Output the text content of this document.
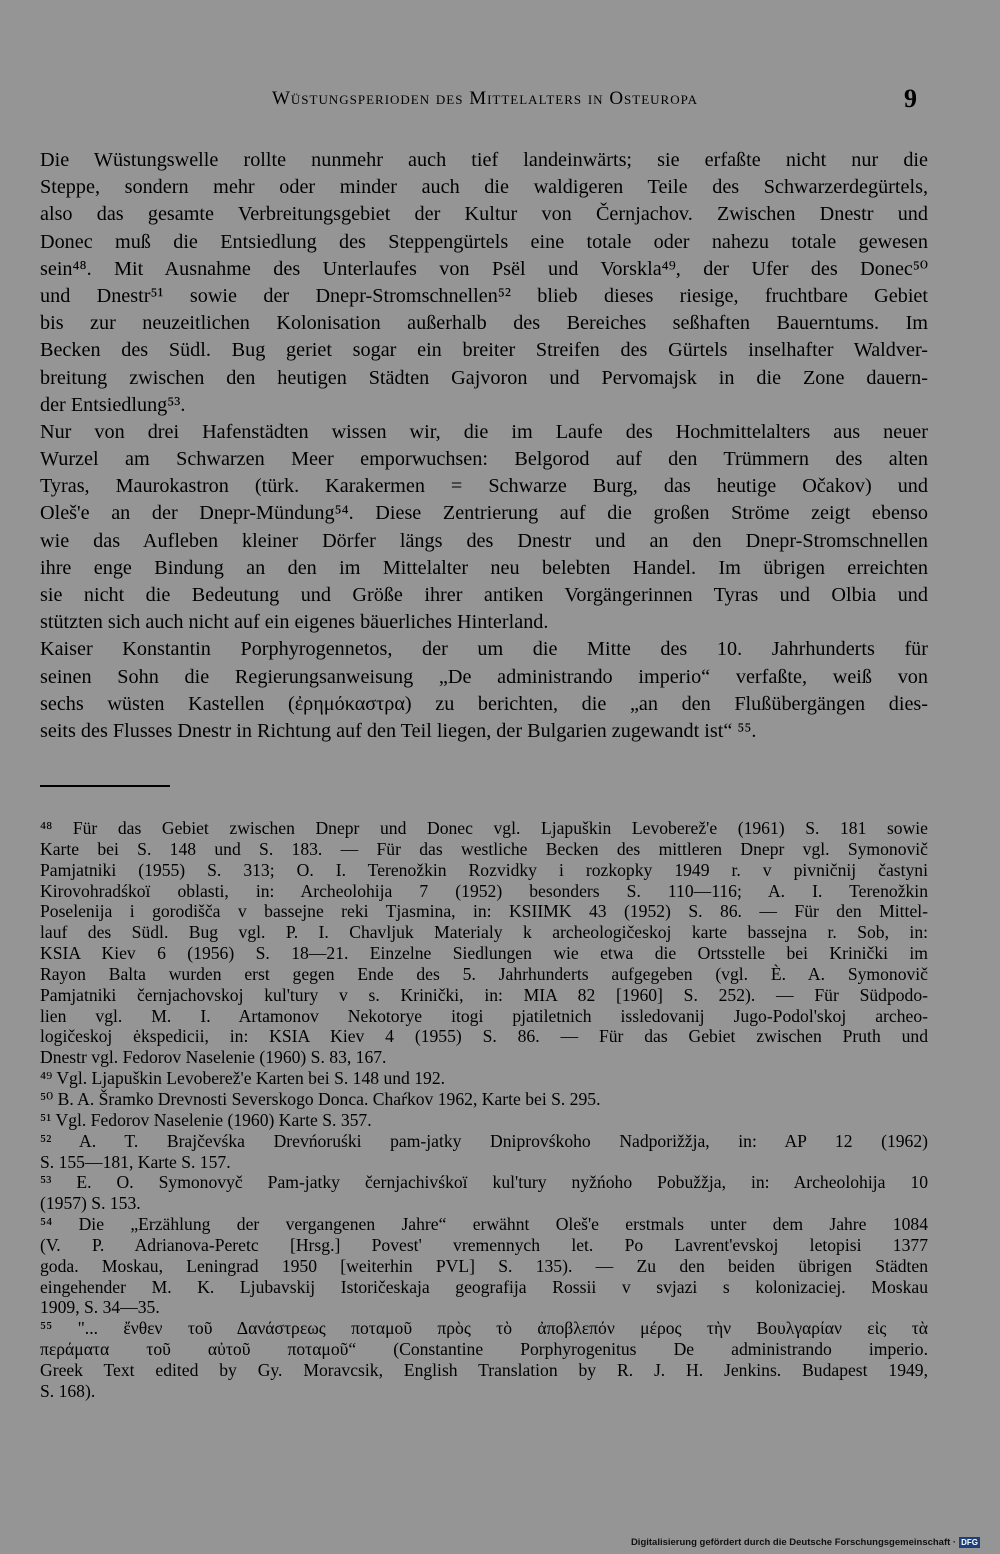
Wüstungsperioden des Mittelalters in Osteuropa	9
Die Wüstungswelle rollte nunmehr auch tief landeinwärts; sie erfaßte nicht nur die
Steppe, sondern mehr oder minder auch die waldigeren Teile des Schwarzerdegürtels,
also das gesamte Verbreitungsgebiet der Kultur von Černjachov. Zwischen Dnestr und
Donec muß die Entsiedlung des Steppengürtels eine totale oder nahezu totale gewesen
sein⁴⁸. Mit Ausnahme des Unterlaufes von Psël und Vorskla⁴⁹, der Ufer des Donec⁵⁰
und Dnestr⁵¹ sowie der Dnepr-Stromschnellen⁵² blieb dieses riesige, fruchtbare Gebiet
bis zur neuzeitlichen Kolonisation außerhalb des Bereiches seßhaften Bauerntums. Im
Becken des Südl. Bug geriet sogar ein breiter Streifen des Gürtels inselhafter Waldver-
breitung zwischen den heutigen Städten Gajvoron und Pervomajsk in die Zone dauern-
der Entsiedlung⁵³.
Nur von drei Hafenstädten wissen wir, die im Laufe des Hochmittelalters aus neuer
Wurzel am Schwarzen Meer emporwuchsen: Belgorod auf den Trümmern des alten
Tyras, Maurokastron (türk. Karakermen = Schwarze Burg, das heutige Očakov) und
Oleš'e an der Dnepr-Mündung⁵⁴. Diese Zentrierung auf die großen Ströme zeigt ebenso
wie das Aufleben kleiner Dörfer längs des Dnestr und an den Dnepr-Stromschnellen
ihre enge Bindung an den im Mittelalter neu belebten Handel. Im übrigen erreichten
sie nicht die Bedeutung und Größe ihrer antiken Vorgängerinnen Tyras und Olbia und
stützten sich auch nicht auf ein eigenes bäuerliches Hinterland.
Kaiser Konstantin Porphyrogennetos, der um die Mitte des 10. Jahrhunderts für
seinen Sohn die Regierungsanweisung „De administrando imperio“ verfaßte, weiß von
sechs wüsten Kastellen (ἐρημόκαστρα) zu berichten, die „an den Flußübergängen dies-
seits des Flusses Dnestr in Richtung auf den Teil liegen, der Bulgarien zugewandt ist“ ⁵⁵.
⁴⁸ Für das Gebiet zwischen Dnepr und Donec vgl. Ljapuškin Levoberež'e (1961) S. 181 sowie
Karte bei S. 148 und S. 183. — Für das westliche Becken des mittleren Dnepr vgl. Symonovič
Pamjatniki (1955) S. 313; O. I. Terenožkin Rozvidky i rozkopky 1949 r. v pivničnij častyni
Kirovohradśkoï oblasti, in: Archeolohija 7 (1952) besonders S. 110—116; A. I. Terenožkin
Poselenija i gorodišča v bassejne reki Tjasmina, in: KSIIMK 43 (1952) S. 86. — Für den Mittel-
lauf des Südl. Bug vgl. P. I. Chavljuk Materialy k archeologičeskoj karte bassejna r. Sob, in:
KSIA Kiev 6 (1956) S. 18—21. Einzelne Siedlungen wie etwa die Ortsstelle bei Krinički im
Rayon Balta wurden erst gegen Ende des 5. Jahrhunderts aufgegeben (vgl. È. A. Symonovič
Pamjatniki černjachovskoj kul'tury v s. Krinički, in: MIA 82 [1960] S. 252). — Für Südpodo-
lien vgl. M. I. Artamonov Nekotorye itogi pjatiletnich issledovanij Jugo-Podol'skoj archeo-
logičeskoj ėkspedicii, in: KSIA Kiev 4 (1955) S. 86. — Für das Gebiet zwischen Pruth und
Dnestr vgl. Fedorov Naselenie (1960) S. 83, 167.
⁴⁹ Vgl. Ljapuškin Levoberež'e Karten bei S. 148 und 192.
⁵⁰ B. A. Šramko Drevnosti Severskogo Donca. Chaŕkov 1962, Karte bei S. 295.
⁵¹ Vgl. Fedorov Naselenie (1960) Karte S. 357.
⁵² A. T. Brajčevśka Drevńoruśki pam-jatky Dniprovśkoho Nadporižžja, in: AP 12 (1962)
S. 155—181, Karte S. 157.
⁵³ E. O. Symonovyč Pam-jatky černjachivśkoï kul'tury nyžńoho Pobužžja, in: Archeolohija 10
(1957) S. 153.
⁵⁴ Die „Erzählung der vergangenen Jahre“ erwähnt Oleš'e erstmals unter dem Jahre 1084
(V. P. Adrianova-Peretc [Hrsg.] Povest' vremennych let. Po Lavrent'evskoj letopisi 1377
goda. Moskau, Leningrad 1950 [weiterhin PVL] S. 135). — Zu den beiden übrigen Städten
eingehender M. K. Ljubavskij Istoričeskaja geografija Rossii v svjazi s kolonizaciej. Moskau
1909, S. 34—35.
⁵⁵ "... ἔνθεν τοῦ Δανάστρεως ποταμοῦ πρὸς τὸ ἀποβλεπόν μέρος τὴν Βουλγαρίαν εἰς τὰ
περάματα τοῦ αὐτοῦ ποταμοῦ“ (Constantine Porphyrogenitus De administrando imperio.
Greek Text edited by Gy. Moravcsik, English Translation by R. J. H. Jenkins. Budapest 1949,
S. 168).
Digitalisierung gefördert durch die Deutsche Forschungsgemeinschaft · DFG
